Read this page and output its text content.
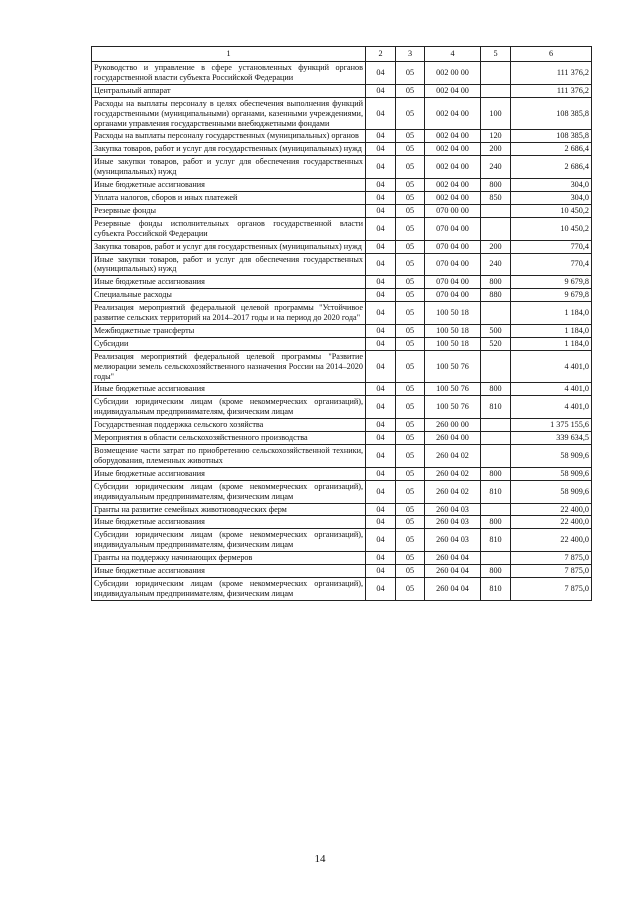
1	2	3	4	5	6
Руководство и управление в сфере установленных функций органов государственной власти субъекта Российской Федерации	04	05	002 00 00		111 376,2
Центральный аппарат	04	05	002 04 00		111 376,2
Расходы на выплаты персоналу в целях обеспечения выполнения функций государственными (муниципальными) органами, казенными учреждениями, органами управления государственными внебюджетными фондами	04	05	002 04 00	100	108 385,8
Расходы на выплаты персоналу государственных (муниципальных) органов	04	05	002 04 00	120	108 385,8
Закупка товаров, работ и услуг для государственных (муниципальных) нужд	04	05	002 04 00	200	2 686,4
Иные закупки товаров, работ и услуг для обеспечения государственных (муниципальных) нужд	04	05	002 04 00	240	2 686,4
Иные бюджетные ассигнования	04	05	002 04 00	800	304,0
Уплата налогов, сборов и иных платежей	04	05	002 04 00	850	304,0
Резервные фонды	04	05	070 00 00		10 450,2
Резервные фонды исполнительных органов государственной власти субъекта Российской Федерации	04	05	070 04 00		10 450,2
Закупка товаров, работ и услуг для государственных (муниципальных) нужд	04	05	070 04 00	200	770,4
Иные закупки товаров, работ и услуг для обеспечения государственных (муниципальных) нужд	04	05	070 04 00	240	770,4
Иные бюджетные ассигнования	04	05	070 04 00	800	9 679,8
Специальные расходы	04	05	070 04 00	880	9 679,8
Реализация мероприятий федеральной целевой программы "Устойчивое развитие сельских территорий на 2014–2017 годы и на период до 2020 года"	04	05	100 50 18		1 184,0
Межбюджетные трансферты	04	05	100 50 18	500	1 184,0
Субсидии	04	05	100 50 18	520	1 184,0
Реализация мероприятий федеральной целевой программы "Развитие мелиорации земель сельскохозяйственного назначения России на 2014–2020 годы"	04	05	100 50 76		4 401,0
Иные бюджетные ассигнования	04	05	100 50 76	800	4 401,0
Субсидии юридическим лицам (кроме некоммерческих организаций), индивидуальным предпринимателям, физическим лицам	04	05	100 50 76	810	4 401,0
Государственная поддержка сельского хозяйства	04	05	260 00 00		1 375 155,6
Мероприятия в области сельскохозяйственного производства	04	05	260 04 00		339 634,5
Возмещение части затрат по приобретению сельскохозяйственной техники, оборудования, племенных животных	04	05	260 04 02		58 909,6
Иные бюджетные ассигнования	04	05	260 04 02	800	58 909,6
Субсидии юридическим лицам (кроме некоммерческих организаций), индивидуальным предпринимателям, физическим лицам	04	05	260 04 02	810	58 909,6
Гранты на развитие семейных животноводческих ферм	04	05	260 04 03		22 400,0
Иные бюджетные ассигнования	04	05	260 04 03	800	22 400,0
Субсидии юридическим лицам (кроме некоммерческих организаций), индивидуальным предпринимателям, физическим лицам	04	05	260 04 03	810	22 400,0
Гранты на поддержку начинающих фермеров	04	05	260 04 04		7 875,0
Иные бюджетные ассигнования	04	05	260 04 04	800	7 875,0
Субсидии юридическим лицам (кроме некоммерческих организаций), индивидуальным предпринимателям, физическим лицам	04	05	260 04 04	810	7 875,0
14
